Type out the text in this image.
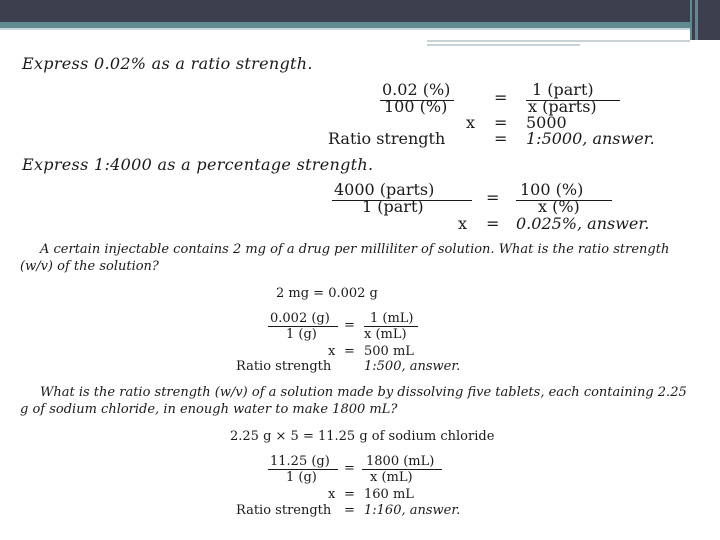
Express 0.02% as a ratio strength.
0.02 (%)
100 (%)	= 1 (part)
x (parts)
x = 5000
Ratio strength	= 1:5000, answer.
Express 1:4000 as a percentage strength.
4000 (parts)
1 (part)	= 100 (%)
x (%)
x = 0.025%, answer.
A certain injectable contains 2 mg of a drug per milliliter of solution. What is the ratio strength
(w/v) of the solution?
2 mg = 0.002 g
0.002 (g)
1 (g)
= 1 (mL)
x (mL)
x = 500 mL
Ratio strength	1:500, answer.
What is the ratio strength (w/v) of a solution made by dissolving five tablets, each containing 2.25
g of sodium chloride, in enough water to make 1800 mL?
2.25 g × 5 = 11.25 g of sodium chloride
11.25 (g)
1 (g)
= 1800 (mL)
x (mL)
x = 160 mL
Ratio strength = 1:160, answer.
